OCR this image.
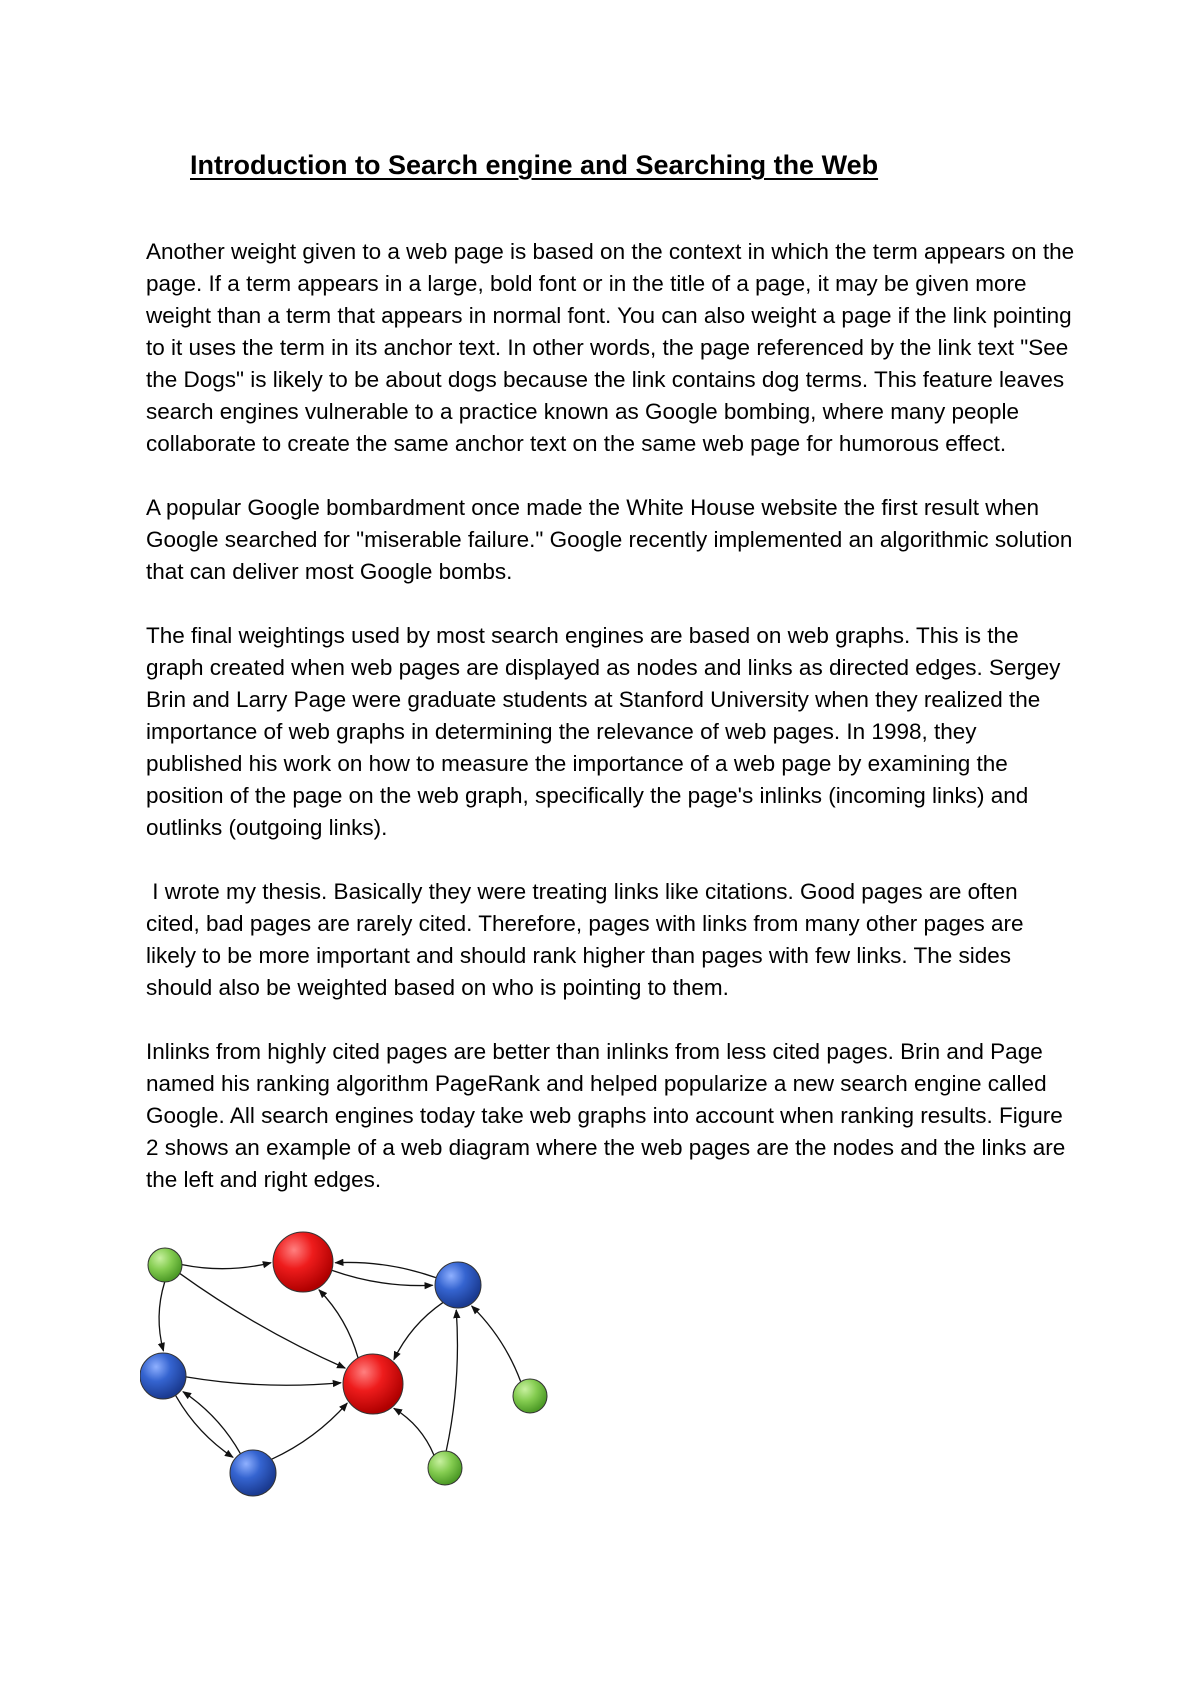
Introduction to Search engine and Searching the Web

Another weight given to a web page is based on the context in which the term appears on the page. If a term appears in a large, bold font or in the title of a page, it may be given more weight than a term that appears in normal font. You can also weight a page if the link pointing to it uses the term in its anchor text. In other words, the page referenced by the link text "See the Dogs" is likely to be about dogs because the link contains dog terms. This feature leaves search engines vulnerable to a practice known as Google bombing, where many people collaborate to create the same anchor text on the same web page for humorous effect.

A popular Google bombardment once made the White House website the first result when Google searched for "miserable failure." Google recently implemented an algorithmic solution that can deliver most Google bombs.

The final weightings used by most search engines are based on web graphs. This is the graph created when web pages are displayed as nodes and links as directed edges. Sergey Brin and Larry Page were graduate students at Stanford University when they realized the importance of web graphs in determining the relevance of web pages. In 1998, they published his work on how to measure the importance of a web page by examining the position of the page on the web graph, specifically the page's inlinks (incoming links) and outlinks (outgoing links).

I wrote my thesis. Basically they were treating links like citations. Good pages are often cited, bad pages are rarely cited. Therefore, pages with links from many other pages are likely to be more important and should rank higher than pages with few links. The sides should also be weighted based on who is pointing to them.

Inlinks from highly cited pages are better than inlinks from less cited pages. Brin and Page named his ranking algorithm PageRank and helped popularize a new search engine called Google. All search engines today take web graphs into account when ranking results. Figure 2 shows an example of a web diagram where the web pages are the nodes and the links are the left and right edges.
